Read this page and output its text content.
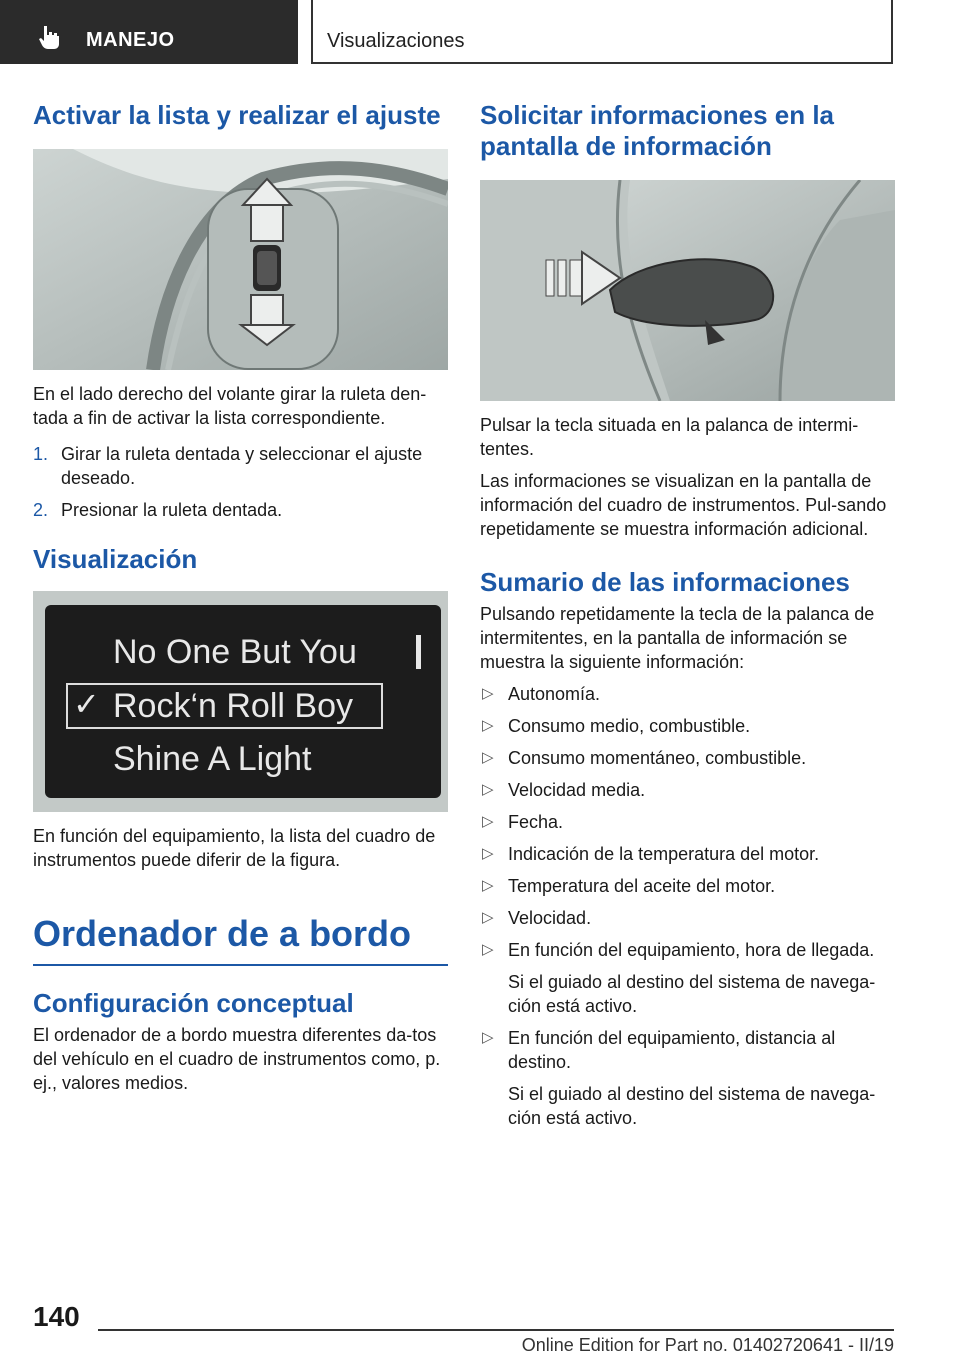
MANEJO	Visualizaciones
Activar la lista y realizar el ajuste

En el lado derecho del volante girar la ruleta den-tada a fin de activar la lista correspondiente.

1. Girar la ruleta dentada y seleccionar el ajuste deseado.
2. Presionar la ruleta dentada.
Visualización
No One But You
✓ Rock‘n Roll Boy
Shine A Light

En función del equipamiento, la lista del cuadro de instrumentos puede diferir de la figura.

Ordenador de a bordo
Configuración conceptual

El ordenador de a bordo muestra diferentes da-tos del vehículo en el cuadro de instrumentos como, p. ej., valores medios.

Solicitar informaciones en la pantalla de información

Pulsar la tecla situada en la palanca de intermi-tentes.

Las informaciones se visualizan en la pantalla de información del cuadro de instrumentos. Pul-sando repetidamente se muestra información adicional.

Sumario de las informaciones

Pulsando repetidamente la tecla de la palanca de intermitentes, en la pantalla de información se muestra la siguiente información:

▷ Autonomía.
▷ Consumo medio, combustible.
▷ Consumo momentáneo, combustible.
▷ Velocidad media.
▷ Fecha.
▷ Indicación de la temperatura del motor.
▷ Temperatura del aceite del motor.
▷ Velocidad.
▷ En función del equipamiento, hora de llegada.
Si el guiado al destino del sistema de navega-ción está activo.
▷ En función del equipamiento, distancia al destino.
Si el guiado al destino del sistema de navega-ción está activo.
140
Online Edition for Part no. 01402720641 - II/19
